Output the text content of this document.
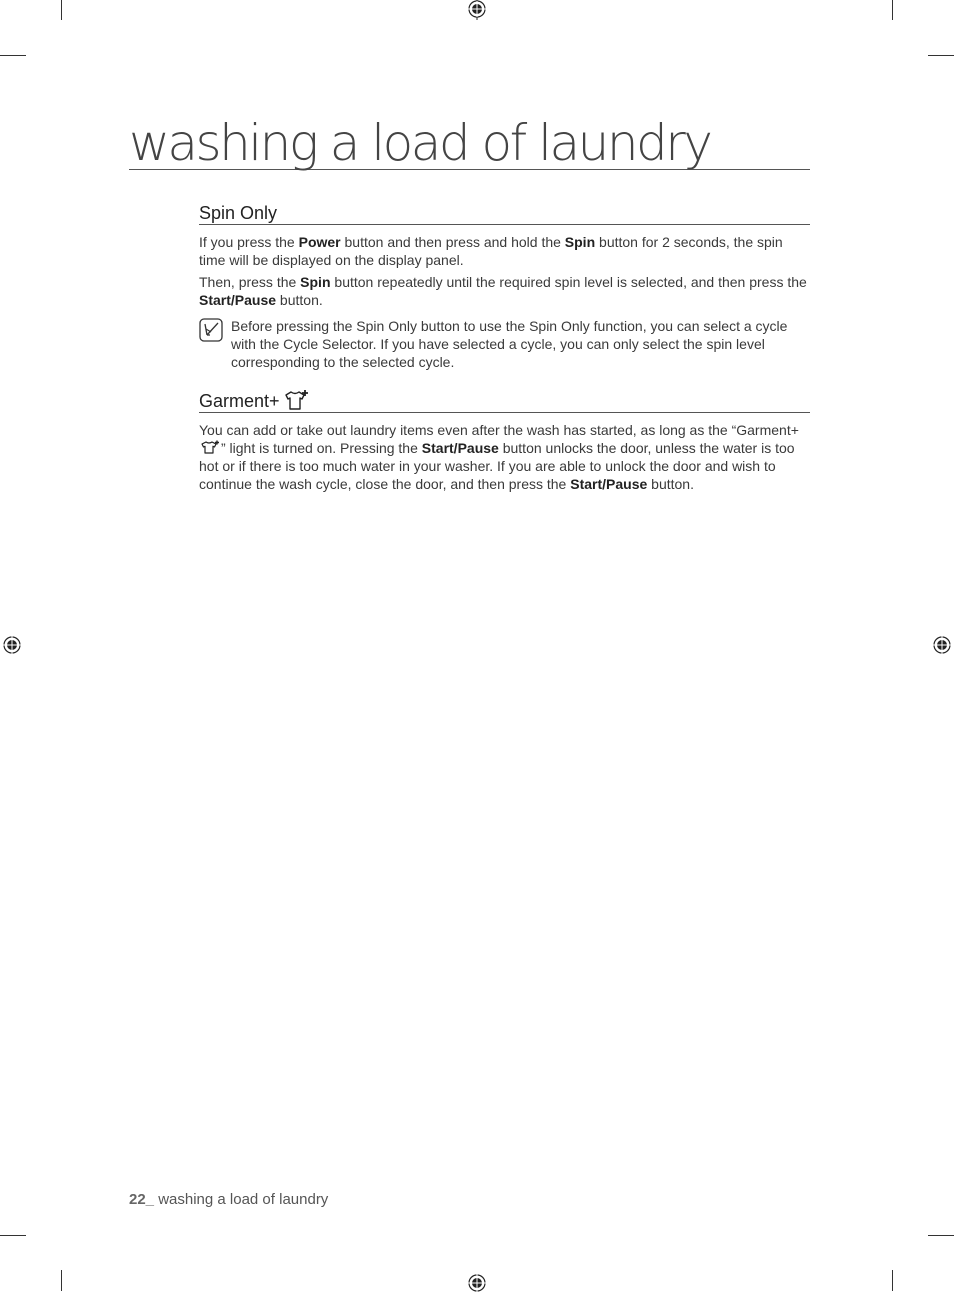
washing a load of laundry
Spin Only

If you press the Power button and then press and hold the Spin button for 2 seconds, the spin time will be displayed on the display panel.

Then, press the Spin button repeatedly until the required spin level is selected, and then press the Start/Pause button.

Before pressing the Spin Only button to use the Spin Only function, you can select a cycle with the Cycle Selector. If you have selected a cycle, you can only select the spin level corresponding to the selected cycle.
Garment+

You can add or take out laundry items even after the wash has started, as long as the “Garment+ ” light is turned on. Pressing the Start/Pause button unlocks the door, unless the water is too hot or if there is too much water in your washer. If you are able to unlock the door and wish to continue the wash cycle, close the door, and then press the Start/Pause button.

22_ washing a load of laundry
